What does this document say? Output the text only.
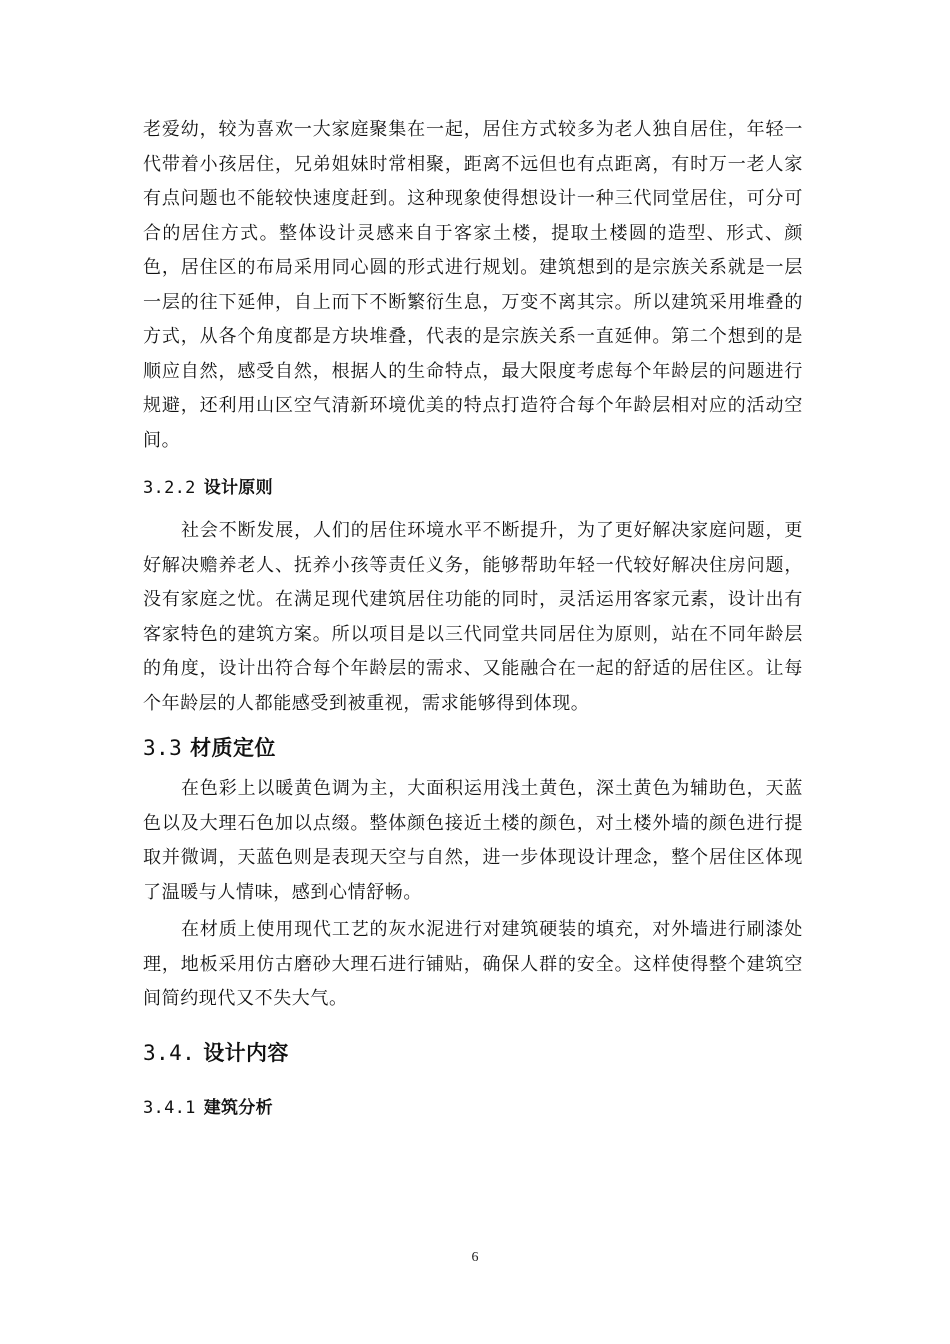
老爱幼，较为喜欢一大家庭聚集在一起，居住方式较多为老人独自居住，年轻一代带着小孩居住，兄弟姐妹时常相聚，距离不远但也有点距离，有时万一老人家有点问题也不能较快速度赶到。这种现象使得想设计一种三代同堂居住，可分可合的居住方式。整体设计灵感来自于客家土楼，提取土楼圆的造型、形式、颜色，居住区的布局采用同心圆的形式进行规划。建筑想到的是宗族关系就是一层一层的往下延伸，自上而下不断繁衍生息，万变不离其宗。所以建筑采用堆叠的方式，从各个角度都是方块堆叠，代表的是宗族关系一直延伸。第二个想到的是顺应自然，感受自然，根据人的生命特点，最大限度考虑每个年龄层的问题进行规避，还利用山区空气清新环境优美的特点打造符合每个年龄层相对应的活动空间。

3.2.2 设计原则

社会不断发展，人们的居住环境水平不断提升，为了更好解决家庭问题，更好解决赡养老人、抚养小孩等责任义务，能够帮助年轻一代较好解决住房问题，没有家庭之忧。在满足现代建筑居住功能的同时，灵活运用客家元素，设计出有客家特色的建筑方案。所以项目是以三代同堂共同居住为原则，站在不同年龄层的角度，设计出符合每个年龄层的需求、又能融合在一起的舒适的居住区。让每个年龄层的人都能感受到被重视，需求能够得到体现。

3.3 材质定位

在色彩上以暖黄色调为主，大面积运用浅土黄色，深土黄色为辅助色，天蓝色以及大理石色加以点缀。整体颜色接近土楼的颜色，对土楼外墙的颜色进行提取并微调，天蓝色则是表现天空与自然，进一步体现设计理念，整个居住区体现了温暖与人情味，感到心情舒畅。

在材质上使用现代工艺的灰水泥进行对建筑硬装的填充，对外墙进行刷漆处理，地板采用仿古磨砂大理石进行铺贴，确保人群的安全。这样使得整个建筑空间简约现代又不失大气。

3.4. 设计内容
3.4.1 建筑分析
6
